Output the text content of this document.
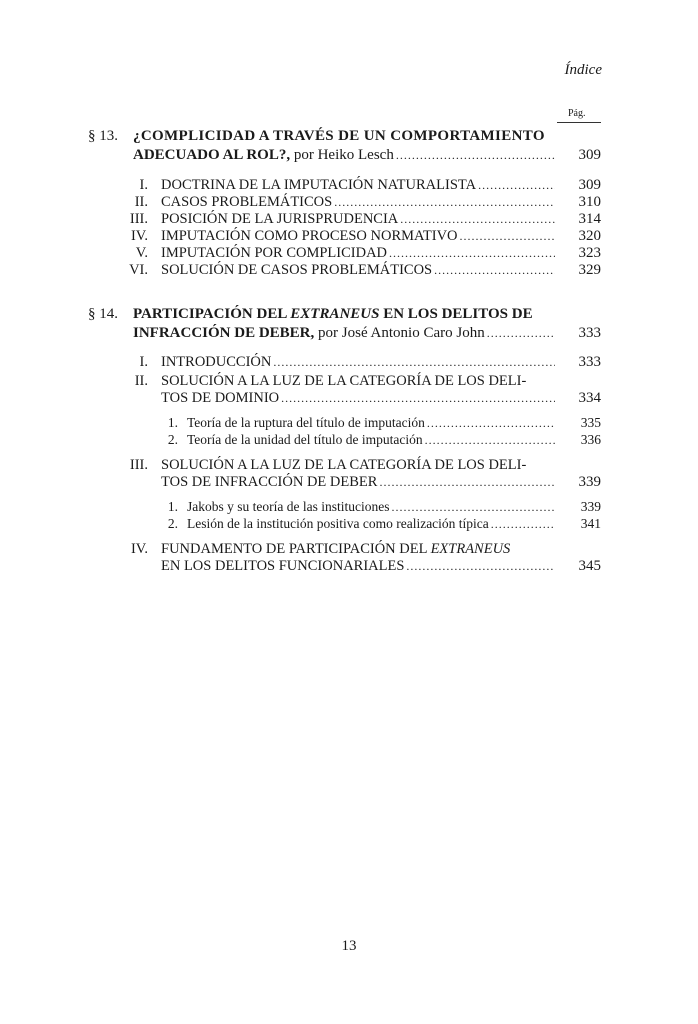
Índice
Pág.
§ 13. ¿COMPLICIDAD A TRAVÉS DE UN COMPORTAMIENTO
ADECUADO AL ROL?, por Heiko Lesch .....	309
I. DOCTRINA DE LA IMPUTACIÓN NATURALISTA .....	309
II. CASOS PROBLEMÁTICOS .....	310
III. POSICIÓN DE LA JURISPRUDENCIA .....	314
IV. IMPUTACIÓN COMO PROCESO NORMATIVO .....	320
V. IMPUTACIÓN POR COMPLICIDAD .....	323
VI. SOLUCIÓN DE CASOS PROBLEMÁTICOS .....	329
§ 14. PARTICIPACIÓN DEL EXTRANEUS EN LOS DELITOS DE
INFRACCIÓN DE DEBER, por José Antonio Caro John .....	333
I. INTRODUCCIÓN .....	333
II. SOLUCIÓN A LA LUZ DE LA CATEGORÍA DE LOS DELI-
TOS DE DOMINIO .....	334
1. Teoría de la ruptura del título de imputación .....	335
2. Teoría de la unidad del título de imputación .....	336
III. SOLUCIÓN A LA LUZ DE LA CATEGORÍA DE LOS DELI-
TOS DE INFRACCIÓN DE DEBER .....	339
1. Jakobs y su teoría de las instituciones .....	339
2. Lesión de la institución positiva como realización típica .....	341
IV. FUNDAMENTO DE PARTICIPACIÓN DEL EXTRANEUS
EN LOS DELITOS FUNCIONARIALES .....	345
13
